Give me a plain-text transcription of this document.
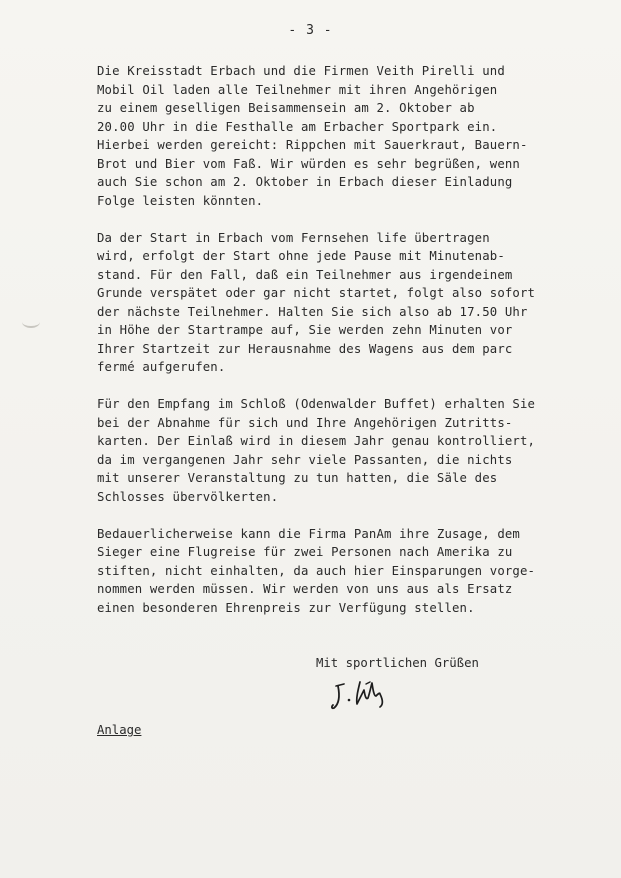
- 3 -

Die Kreisstadt Erbach und die Firmen Veith Pirelli und

Mobil Oil laden alle Teilnehmer mit ihren Angehörigen

zu einem geselligen Beisammensein am 2. Oktober ab

20.00 Uhr in die Festhalle am Erbacher Sportpark ein.

Hierbei werden gereicht: Rippchen mit Sauerkraut, Bauern-

Brot und Bier vom Faß. Wir würden es sehr begrüßen, wenn

auch Sie schon am 2. Oktober in Erbach dieser Einladung

Folge leisten könnten.

Da der Start in Erbach vom Fernsehen life übertragen

wird, erfolgt der Start ohne jede Pause mit Minutenab-

stand. Für den Fall, daß ein Teilnehmer aus irgendeinem

Grunde verspätet oder gar nicht startet, folgt also sofort

der nächste Teilnehmer. Halten Sie sich also ab 17.50 Uhr

in Höhe der Startrampe auf, Sie werden zehn Minuten vor

Ihrer Startzeit zur Herausnahme des Wagens aus dem parc

fermé aufgerufen.

Für den Empfang im Schloß (Odenwalder Buffet) erhalten Sie

bei der Abnahme für sich und Ihre Angehörigen Zutritts-

karten. Der Einlaß wird in diesem Jahr genau kontrolliert,

da im vergangenen Jahr sehr viele Passanten, die nichts

mit unserer Veranstaltung zu tun hatten, die Säle des

Schlosses übervölkerten.

Bedauerlicherweise kann die Firma PanAm ihre Zusage, dem

Sieger eine Flugreise für zwei Personen nach Amerika zu

stiften, nicht einhalten, da auch hier Einsparungen vorge-

nommen werden müssen. Wir werden von uns aus als Ersatz

einen besonderen Ehrenpreis zur Verfügung stellen.

Mit sportlichen Grüßen
Anlage
